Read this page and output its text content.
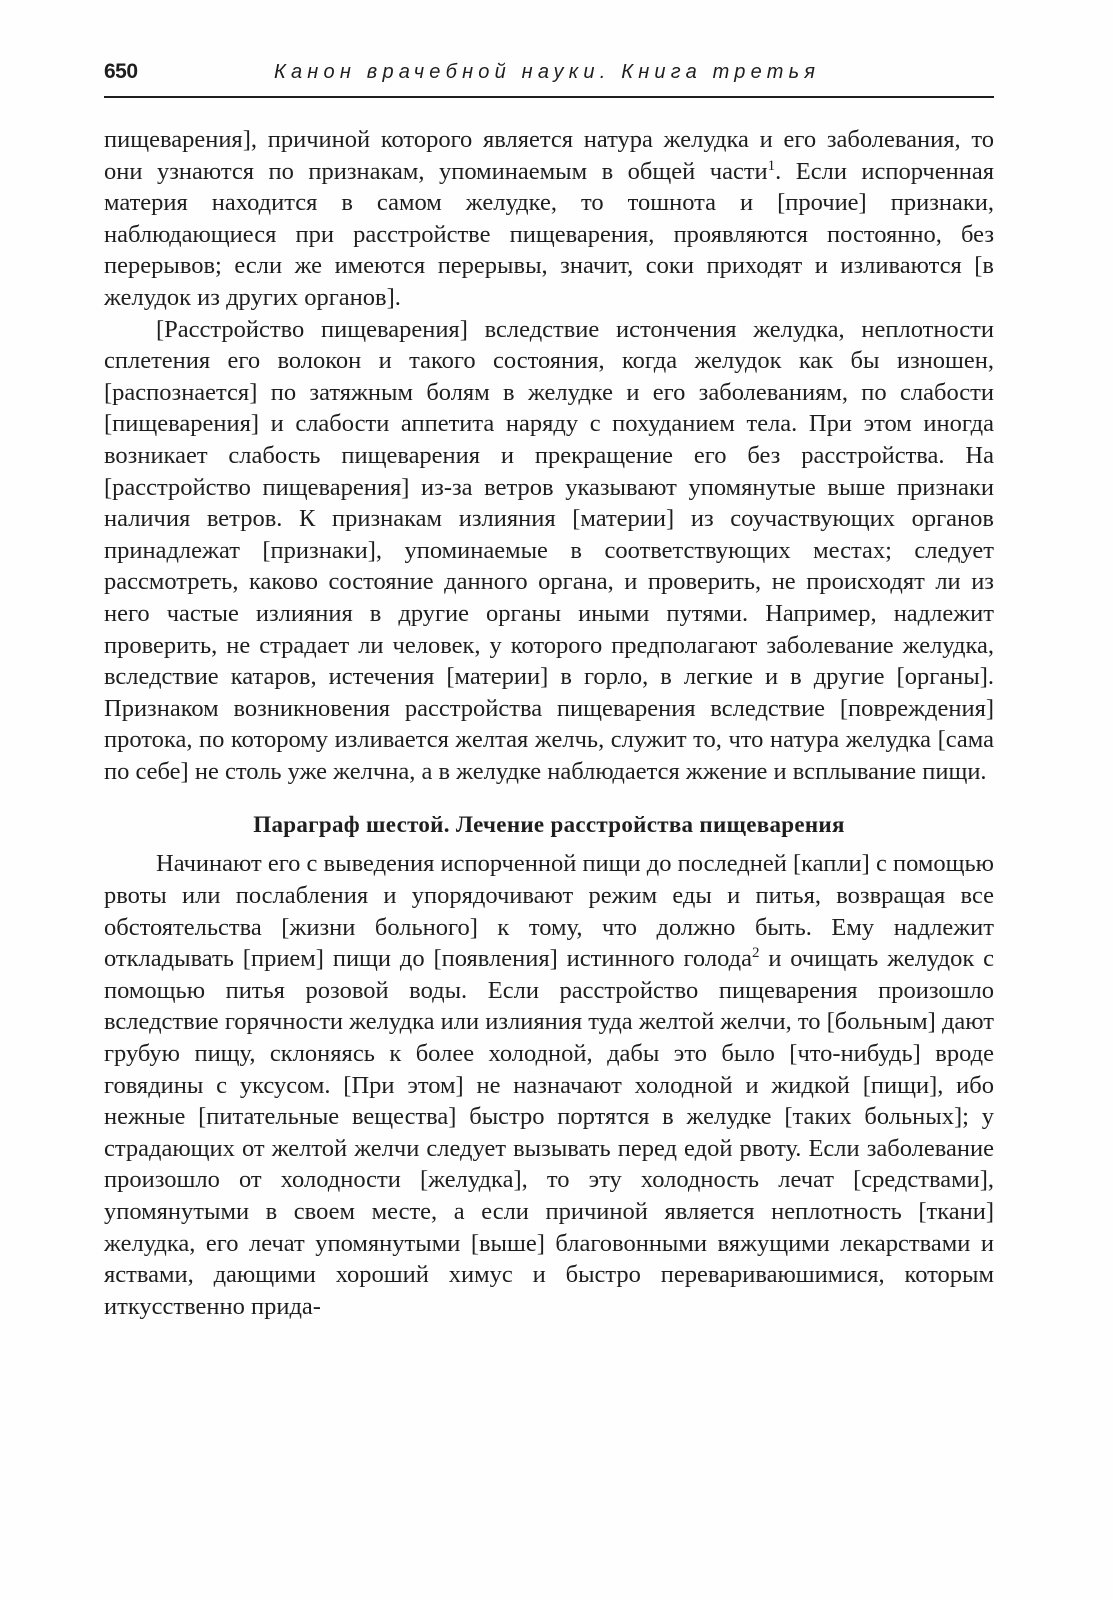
650	Канон врачебной науки. Книга третья

пищеварения], причиной которого является натура желудка и его заболевания, то они узнаются по признакам, упоминаемым в общей части$^1$. Если испорченная материя находится в самом желудке, то тошнота и [прочие] признаки, наблюдающиеся при расстройстве пищеварения, проявляются постоянно, без перерывов; если же имеются перерывы, значит, соки приходят и изливаются [в желудок из других органов].

[Расстройство пищеварения] вследствие истончения желудка, неплотности сплетения его волокон и такого состояния, когда желудок как бы изношен, [распознается] по затяжным болям в желудке и его заболеваниям, по слабости [пищеварения] и слабости аппетита наряду с похуданием тела. При этом иногда возникает слабость пищеварения и прекращение его без расстройства. На [расстройство пищеварения] из-за ветров указывают упомянутые выше признаки наличия ветров. К признакам излияния [материи] из соучаствующих органов принадлежат [признаки], упоминаемые в соответствующих местах; следует рассмотреть, каково состояние данного органа, и проверить, не происходят ли из него частые излияния в другие органы иными путями. Например, надлежит проверить, не страдает ли человек, у которого предполагают заболевание желудка, вследствие катаров, истечения [материи] в горло, в легкие и в другие [органы]. Признаком возникновения расстройства пищеварения вследствие [повреждения] протока, по которому изливается желтая желчь, служит то, что натура желудка [сама по себе] не столь уже желчна, а в желудке наблюдается жжение и всплывание пищи.

Параграф шестой. Лечение расстройства пищеварения

Начинают его с выведения испорченной пищи до последней [капли] с помощью рвоты или послабления и упорядочивают режим еды и питья, возвращая все обстоятельства [жизни больного] к тому, что должно быть. Ему надлежит откладывать [прием] пищи до [появления] истинного голода$^2$ и очищать желудок с помощью питья розовой воды. Если расстройство пищеварения произошло вследствие горячности желудка или излияния туда желтой желчи, то [больным] дают грубую пищу, склоняясь к более холодной, дабы это было [что-нибудь] вроде говядины с уксусом. [При этом] не назначают холодной и жидкой [пищи], ибо нежные [питательные вещества] быстро портятся в желудке [таких больных]; у страдающих от желтой желчи следует вызывать перед едой рвоту. Если заболевание произошло от холодности [желудка], то эту холодность лечат [средствами], упомянутыми в своем месте, а если причиной является неплотность [ткани] желудка, его лечат упомянутыми [выше] благовонными вяжущими лекарствами и яствами, дающими хороший химус и быстро перевариваюшимися, которым иткусственно прида-
